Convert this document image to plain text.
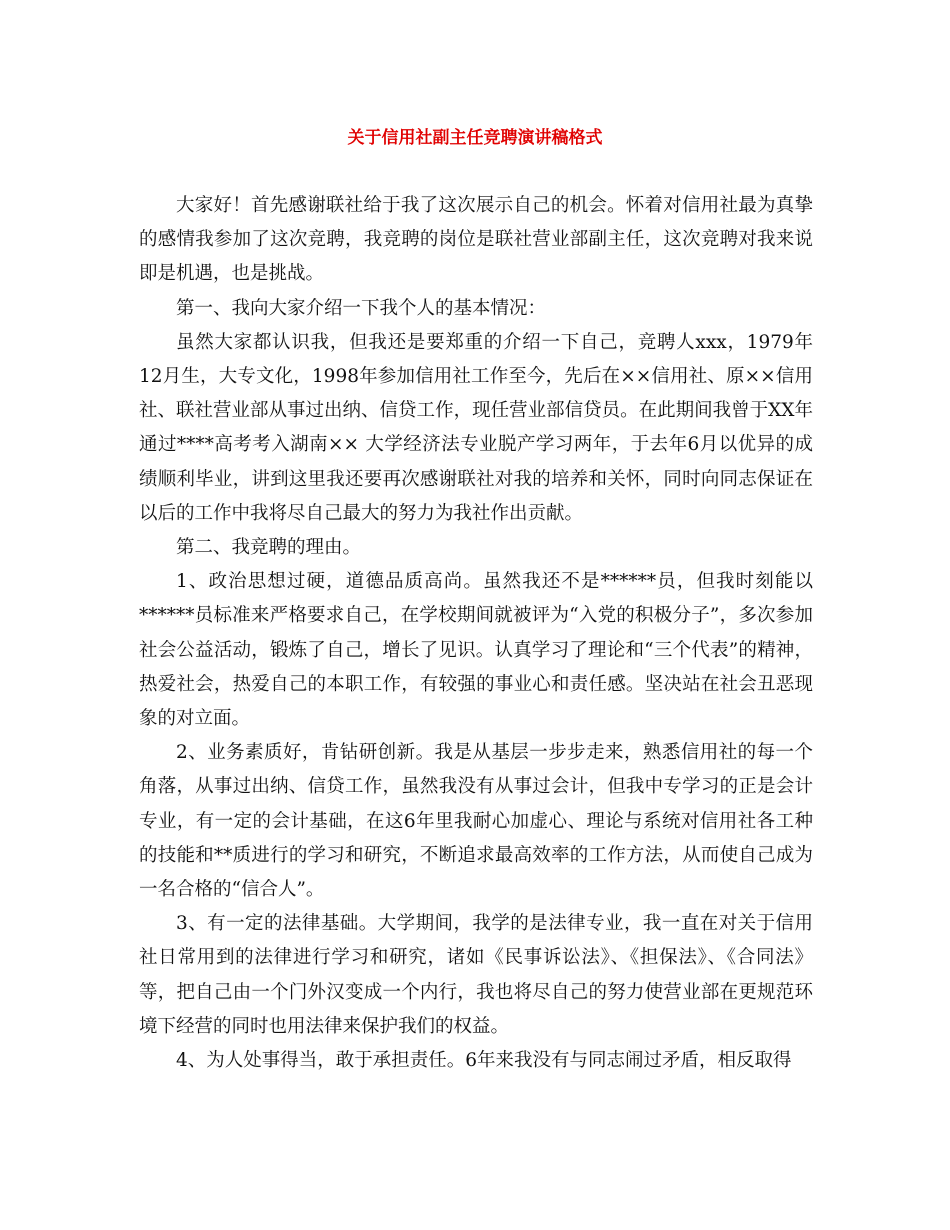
关于信用社副主任竞聘演讲稿格式

大家好！首先感谢联社给于我了这次展示自己的机会。怀着对信用社最为真挚的感情我参加了这次竞聘，我竞聘的岗位是联社营业部副主任，这次竞聘对我来说即是机遇，也是挑战。

第一、我向大家介绍一下我个人的基本情况：

虽然大家都认识我，但我还是要郑重的介绍一下自己，竞聘人xxx，1979年12月生，大专文化，1998年参加信用社工作至今，先后在××信用社、原××信用社、联社营业部从事过出纳、信贷工作，现任营业部信贷员。在此期间我曾于XX年通过****高考考入湖南×× 大学经济法专业脱产学习两年，于去年6月以优异的成绩顺利毕业，讲到这里我还要再次感谢联社对我的培养和关怀，同时向同志保证在以后的工作中我将尽自己最大的努力为我社作出贡献。

第二、我竞聘的理由。

1、政治思想过硬，道德品质高尚。虽然我还不是******员，但我时刻能以******员标准来严格要求自己，在学校期间就被评为“入党的积极分子”，多次参加社会公益活动，锻炼了自己，增长了见识。认真学习了理论和“三个代表”的精神，热爱社会，热爱自己的本职工作，有较强的事业心和责任感。坚决站在社会丑恶现象的对立面。

2、业务素质好，肯钻研创新。我是从基层一步步走来，熟悉信用社的每一个角落，从事过出纳、信贷工作，虽然我没有从事过会计，但我中专学习的正是会计专业，有一定的会计基础，在这6年里我耐心加虚心、理论与系统对信用社各工种的技能和**质进行的学习和研究，不断追求最高效率的工作方法，从而使自己成为一名合格的“信合人”。

3、有一定的法律基础。大学期间，我学的是法律专业，我一直在对关于信用社日常用到的法律进行学习和研究，诸如《民事诉讼法》、《担保法》、《合同法》等，把自己由一个门外汉变成一个内行，我也将尽自己的努力使营业部在更规范环境下经营的同时也用法律来保护我们的权益。

4、为人处事得当，敢于承担责任。6年来我没有与同志闹过矛盾，相反取得
